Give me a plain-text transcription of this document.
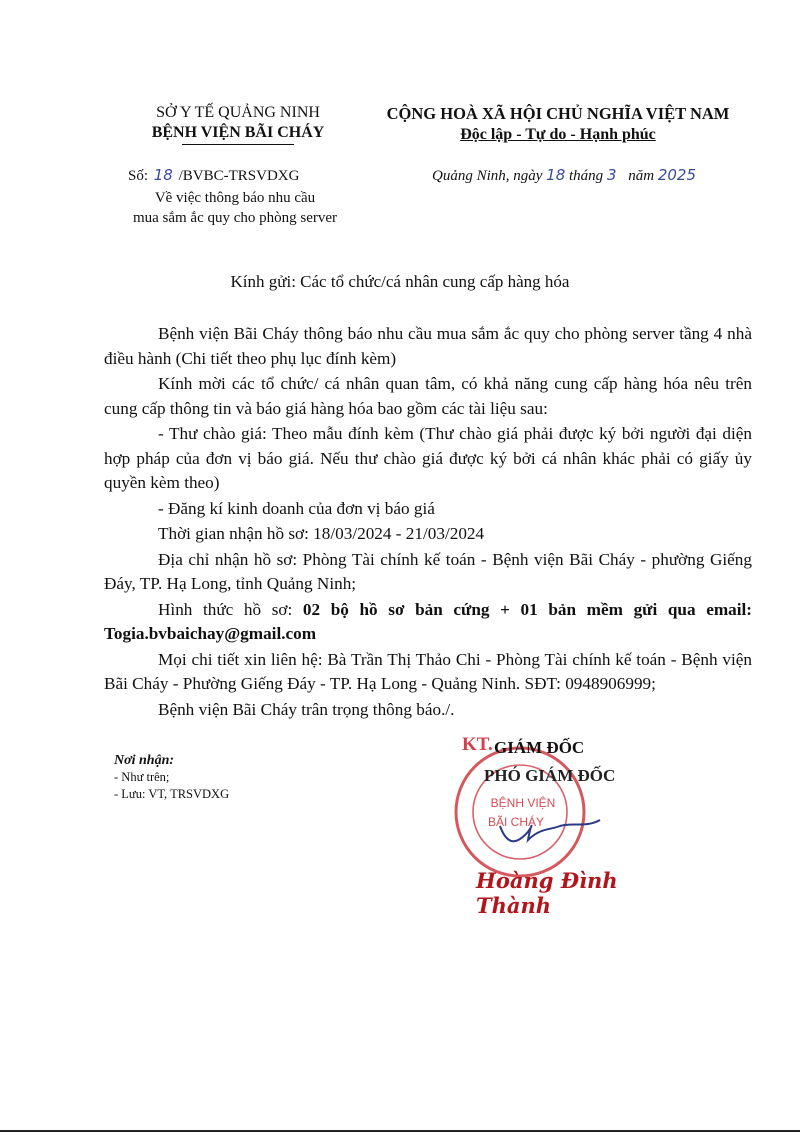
SỞ Y TẾ QUẢNG NINH
BỆNH VIỆN BÃI CHÁY
Số: 18 /BVBC-TRSVDXG
Về việc thông báo nhu cầu
mua sắm ắc quy cho phòng server
CỘNG HOÀ XÃ HỘI CHỦ NGHĨA VIỆT NAM
Độc lập - Tự do - Hạnh phúc
Quảng Ninh, ngày 18 tháng 3 năm 2025
Kính gửi: Các tổ chức/cá nhân cung cấp hàng hóa
Bệnh viện Bãi Cháy thông báo nhu cầu mua sắm ắc quy cho phòng server tầng 4 nhà điều hành (Chi tiết theo phụ lục đính kèm)
Kính mời các tổ chức/ cá nhân quan tâm, có khả năng cung cấp hàng hóa nêu trên cung cấp thông tin và báo giá hàng hóa bao gồm các tài liệu sau:
- Thư chào giá: Theo mẫu đính kèm (Thư chào giá phải được ký bởi người đại diện hợp pháp của đơn vị báo giá. Nếu thư chào giá được ký bởi cá nhân khác phải có giấy ủy quyền kèm theo)
- Đăng kí kinh doanh của đơn vị báo giá
Thời gian nhận hồ sơ: 18/03/2024 - 21/03/2024
Địa chỉ nhận hồ sơ: Phòng Tài chính kế toán - Bệnh viện Bãi Cháy - phường Giếng Đáy, TP. Hạ Long, tỉnh Quảng Ninh;
Hình thức hồ sơ: 02 bộ hồ sơ bản cứng + 01 bản mềm gửi qua email: Togia.bvbaichay@gmail.com
Mọi chi tiết xin liên hệ: Bà Trần Thị Thảo Chi - Phòng Tài chính kế toán - Bệnh viện Bãi Cháy - Phường Giếng Đáy - TP. Hạ Long - Quảng Ninh. SĐT: 0948906999;
Bệnh viện Bãi Cháy trân trọng thông báo./.
Nơi nhận:
- Như trên;
- Lưu: VT, TRSVDXG
BỆNH VIỆN
BÃI CHÁY
KT. GIÁM ĐỐC
PHÓ GIÁM ĐỐC
Hoàng Đình Thành
